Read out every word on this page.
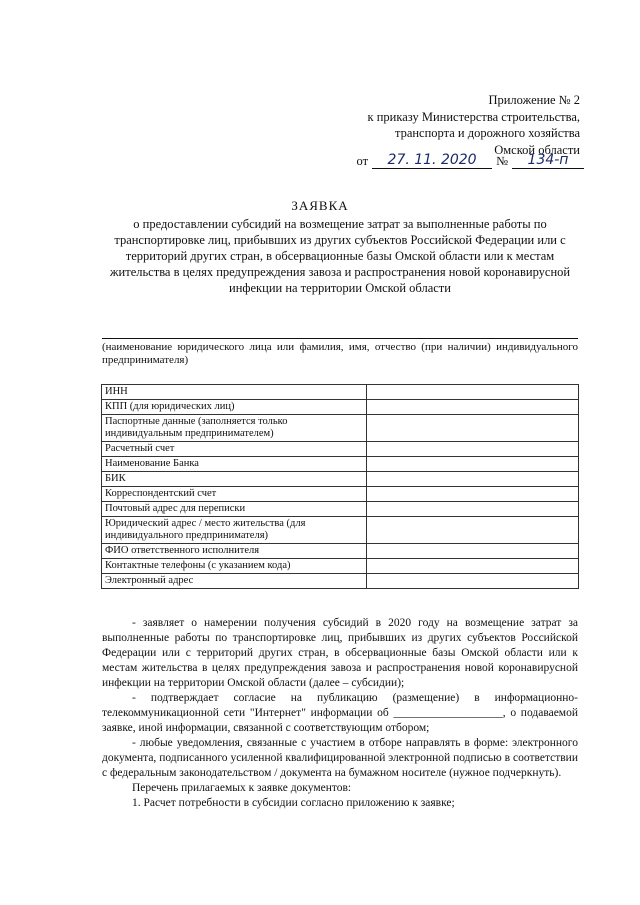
Приложение № 2
к приказу Министерства строительства,
транспорта и дорожного хозяйства
Омской области
от	27. 11. 2020	№	134-п
ЗАЯВКА
о предоставлении субсидий на возмещение затрат за выполненные работы по транспортировке лиц, прибывших из других субъектов Российской Федерации или с территорий других стран, в обсервационные базы Омской области или к местам жительства в целях предупреждения завоза и распространения новой коронавирусной инфекции на территории Омской области
(наименование юридического лица или фамилия, имя, отчество (при наличии) индивидуального предпринимателя)
ИНН	
КПП (для юридических лиц)	
Паспортные данные (заполняется только индивидуальным предпринимателем)	
Расчетный счет	
Наименование Банка	
БИК	
Корреспондентский счет	
Почтовый адрес для переписки	
Юридический адрес / место жительства (для индивидуального предпринимателя)	
ФИО ответственного исполнителя	
Контактные телефоны (с указанием кода)	
Электронный адрес	

- заявляет о намерении получения субсидий в 2020 году на возмещение затрат за выполненные работы по транспортировке лиц, прибывших из других субъектов Российской Федерации или с территорий других стран, в обсервационные базы Омской области или к местам жительства в целях предупреждения завоза и распространения новой коронавирусной инфекции на территории Омской области (далее – субсидии);

- подтверждает согласие на публикацию (размещение) в информационно-телекоммуникационной сети "Интернет" информации об ___________________, о подаваемой заявке, иной информации, связанной с соответствующим отбором;

- любые уведомления, связанные с участием в отборе направлять в форме: электронного документа, подписанного усиленной квалифицированной электронной подписью в соответствии с федеральным законодательством / документа на бумажном носителе (нужное подчеркнуть).

Перечень прилагаемых к заявке документов:

1. Расчет потребности в субсидии согласно приложению к заявке;
